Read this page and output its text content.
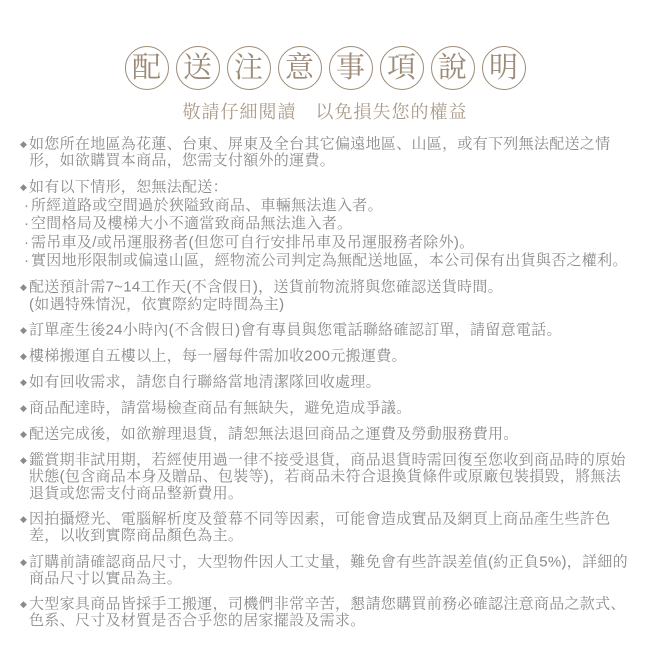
配 送 注 意 事 項 說 明
敬請仔細閱讀　以免損失您的權益
◆ 如您所在地區為花蓮、台東、屏東及全台其它偏遠地區、山區，或有下列無法配送之情形，如欲購買本商品，您需支付額外的運費。
◆ 如有以下情形，恕無法配送：
· 所經道路或空間過於狹隘致商品、車輛無法進入者。
· 空間格局及樓梯大小不適當致商品無法進入者。
· 需吊車及/或吊運服務者(但您可自行安排吊車及吊運服務者除外)。
· 實因地形限制或偏遠山區，經物流公司判定為無配送地區，本公司保有出貨與否之權利。
◆ 配送預計需7~14工作天(不含假日)，送貨前物流將與您確認送貨時間。
(如遇特殊情況，依實際約定時間為主)
◆ 訂單產生後24小時內(不含假日)會有專員與您電話聯絡確認訂單，請留意電話。
◆ 樓梯搬運自五樓以上，每一層每件需加收200元搬運費。
◆ 如有回收需求，請您自行聯絡當地清潔隊回收處理。
◆ 商品配達時，請當場檢查商品有無缺失，避免造成爭議。
◆ 配送完成後，如欲辦理退貨，請恕無法退回商品之運費及勞動服務費用。
◆ 鑑賞期非試用期，若經使用過一律不接受退貨，商品退貨時需回復至您收到商品時的原始狀態(包含商品本身及贈品、包裝等)，若商品未符合退換貨條件或原廠包裝損毀，將無法退貨或您需支付商品整新費用。
◆ 因拍攝燈光、電腦解析度及螢幕不同等因素，可能會造成實品及網頁上商品產生些許色差，以收到實際商品顏色為主。
◆ 訂購前請確認商品尺寸，大型物件因人工丈量，難免會有些許誤差值(約正負5%)，詳細的商品尺寸以實品為主。
◆ 大型家具商品皆採手工搬運，司機們非常辛苦，懇請您購買前務必確認注意商品之款式、色系、尺寸及材質是否合乎您的居家擺設及需求。
